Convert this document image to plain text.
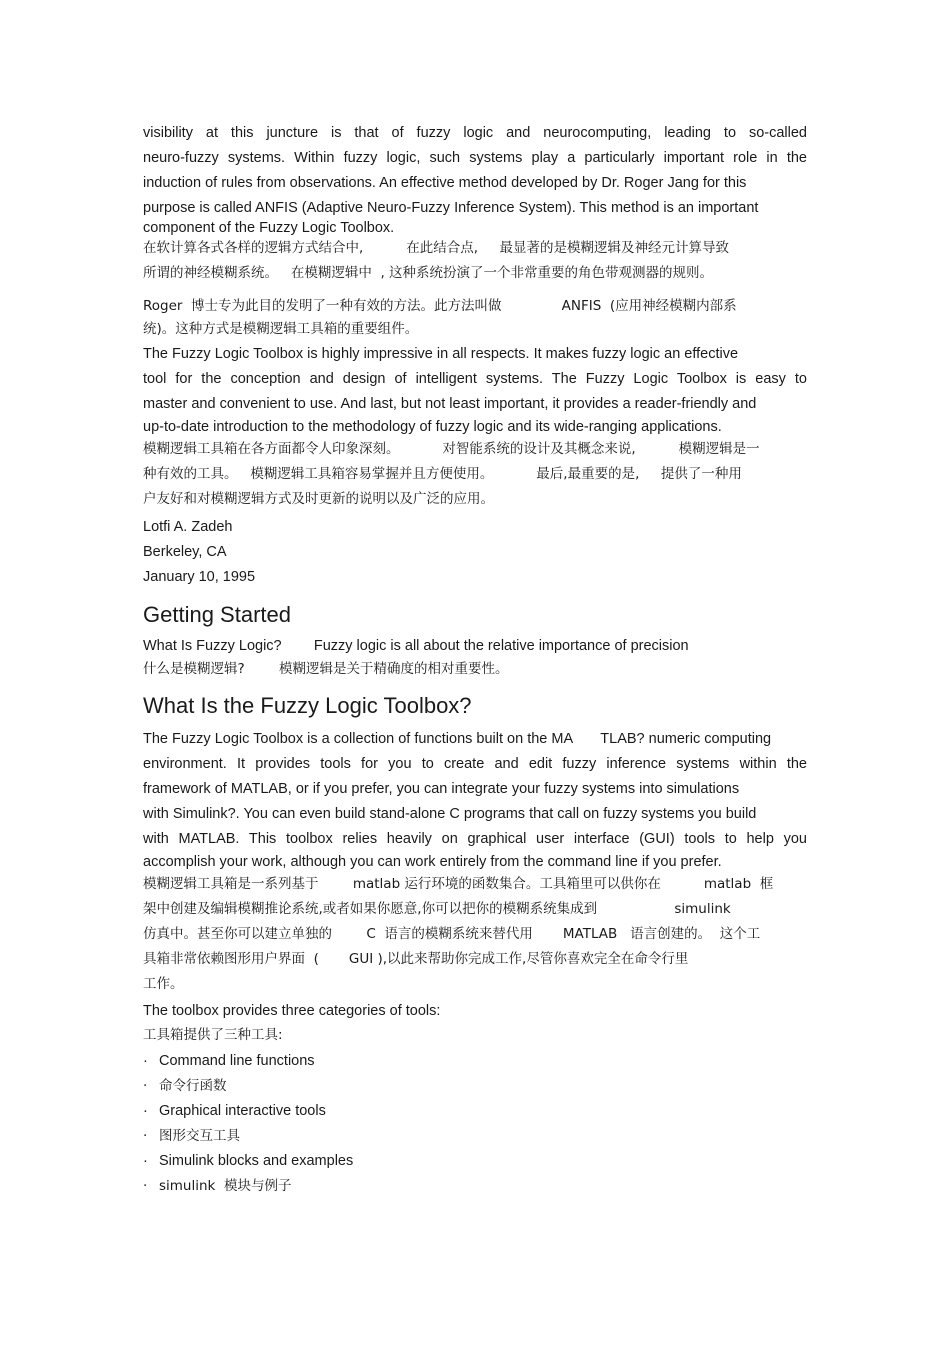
visibility at this juncture is that of fuzzy logic and neurocomputing, leading to so-called

neuro-fuzzy systems. Within fuzzy logic, such systems play a particularly important role in the

induction of rules from observations. An effective method developed by Dr. Roger Jang for this

purpose is called ANFIS (Adaptive Neuro-Fuzzy Inference System). This method is an important

component of the Fuzzy Logic Toolbox.

在软计算各式各样的逻辑方式结合中,          在此结合点,     最显著的是模糊逻辑及神经元计算导致

所谓的神经模糊系统。   在模糊逻辑中  , 这种系统扮演了一个非常重要的角色带观测器的规则。

Roger  博士专为此目的发明了一种有效的方法。此方法叫做              ANFIS  (应用神经模糊内部系

统)。这种方式是模糊逻辑工具箱的重要组件。

The Fuzzy Logic Toolbox is highly impressive in all respects. It makes fuzzy logic an effective

tool for the conception and design of intelligent systems. The Fuzzy Logic Toolbox is easy to

master and convenient to use. And last, but not least important, it provides a reader-friendly and

up-to-date introduction to the methodology of fuzzy logic and its wide-ranging applications.

模糊逻辑工具箱在各方面都令人印象深刻。          对智能系统的设计及其概念来说,          模糊逻辑是一

种有效的工具。   模糊逻辑工具箱容易掌握并且方便使用。          最后,最重要的是,     提供了一种用

户友好和对模糊逻辑方式及时更新的说明以及广泛的应用。

Lotfi A. Zadeh

Berkeley, CA

January 10, 1995

Getting Started

What Is Fuzzy Logic?        Fuzzy logic is all about the relative importance of precision

什么是模糊逻辑?        模糊逻辑是关于精确度的相对重要性。

What Is the Fuzzy Logic Toolbox?

The Fuzzy Logic Toolbox is a collection of functions built on the MA       TLAB? numeric computing

environment. It provides tools for you to create and edit fuzzy inference systems within the

framework of MATLAB, or if you prefer, you can integrate your fuzzy systems into simulations

with Simulink?. You can even build stand-alone C programs that call on fuzzy systems you build

with MATLAB. This toolbox relies heavily on graphical user interface (GUI) tools to help you

accomplish your work, although you can work entirely from the command line if you prefer.

模糊逻辑工具箱是一系列基于        matlab 运行环境的函数集合。工具箱里可以供你在          matlab  框

架中创建及编辑模糊推论系统,或者如果你愿意,你可以把你的模糊系统集成到                  simulink

仿真中。甚至你可以建立单独的        C  语言的模糊系统来替代用       MATLAB   语言创建的。  这个工

具箱非常依赖图形用户界面  (       GUI ),以此来帮助你完成工作,尽管你喜欢完全在命令行里

工作。

The toolbox provides three categories of tools:

工具箱提供了三种工具:

· Command line functions
· 命令行函数
· Graphical interactive tools
· 图形交互工具
· Simulink blocks and examples
· simulink  模块与例子
